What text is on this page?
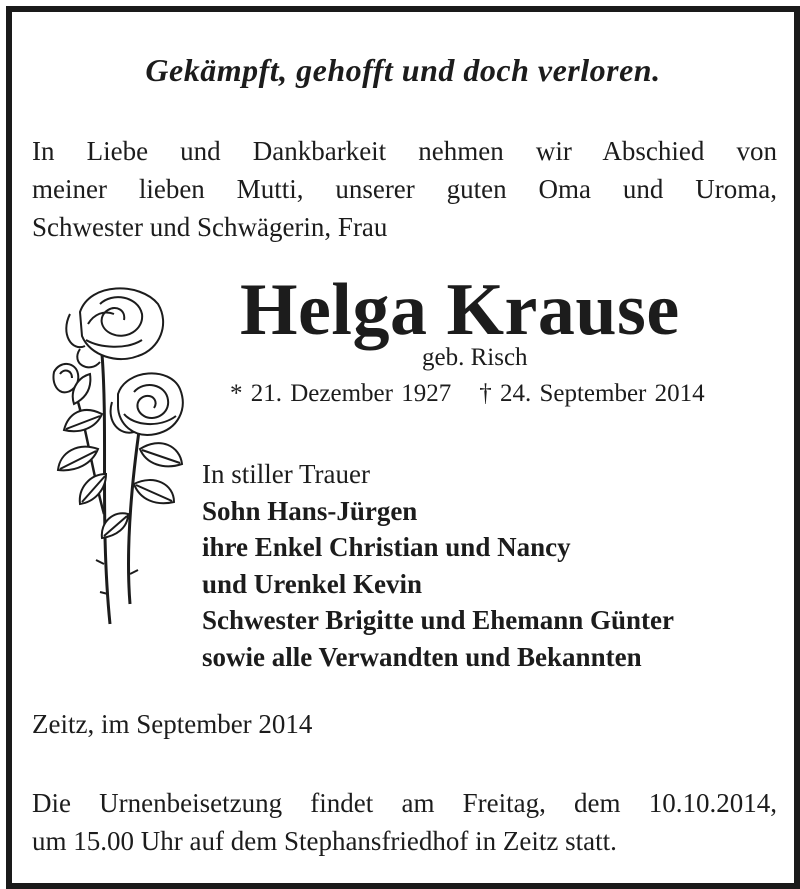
Gekämpft, gehofft und doch verloren.
In Liebe und Dankbarkeit nehmen wir Abschied von
meiner lieben Mutti, unserer guten Oma und Uroma,
Schwester und Schwägerin, Frau
Helga Krause
geb. Risch
* 21. Dezember 1927 † 24. September 2014
In stiller Trauer
Sohn Hans-Jürgen
ihre Enkel Christian und Nancy
und Urenkel Kevin
Schwester Brigitte und Ehemann Günter
sowie alle Verwandten und Bekannten
Zeitz, im September 2014
Die Urnenbeisetzung findet am Freitag, dem 10.10.2014,
um 15.00 Uhr auf dem Stephansfriedhof in Zeitz statt.
